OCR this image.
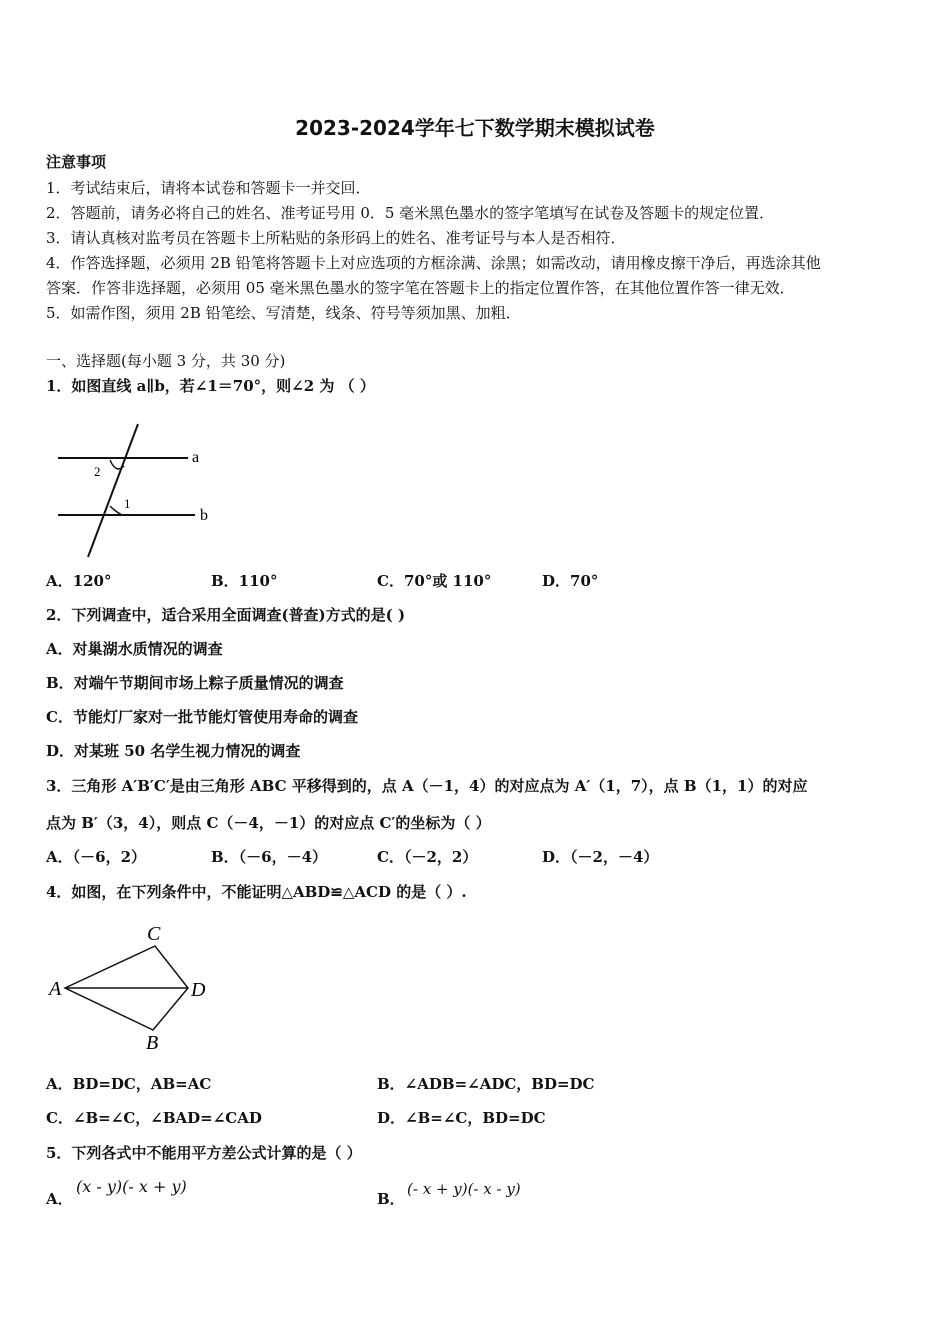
2023-2024学年七下数学期末模拟试卷
注意事项
1．考试结束后，请将本试卷和答题卡一并交回．
2．答题前，请务必将自己的姓名、准考证号用 0．5 毫米黑色墨水的签字笔填写在试卷及答题卡的规定位置．
3．请认真核对监考员在答题卡上所粘贴的条形码上的姓名、准考证号与本人是否相符．
4．作答选择题，必须用 2B 铅笔将答题卡上对应选项的方框涂满、涂黑；如需改动，请用橡皮擦干净后，再选涂其他
答案．作答非选择题，必须用 05 毫米黑色墨水的签字笔在答题卡上的指定位置作答，在其他位置作答一律无效．
5．如需作图，须用 2B 铅笔绘、写清楚，线条、符号等须加黑、加粗．
一、选择题(每小题 3 分，共 30 分)
1．如图直线 a∥b，若∠1＝70°，则∠2 为 （ ）
a
b
2
1
A．120°	B．110°	C．70°或 110°	D．70°
2．下列调查中，适合采用全面调查(普查)方式的是( )
A．对巢湖水质情况的调查
B．对端午节期间市场上粽子质量情况的调查
C．节能灯厂家对一批节能灯管使用寿命的调查
D．对某班 50 名学生视力情况的调查
3．三角形 A′B′C′是由三角形 ABC 平移得到的，点 A（－1，4）的对应点为 A′（1，7），点 B（1，1）的对应
点为 B′（3，4），则点 C（－4，－1）的对应点 C′的坐标为（ ）
A．（－6，2）	B．（－6，－4）	C．（－2，2）	D．（－2，－4）
4．如图，在下列条件中，不能证明△ABD≌△ACD 的是（ ）.
C
A	D
B
A．BD=DC，AB=AC	B．∠ADB=∠ADC，BD=DC
C．∠B=∠C，∠BAD=∠CAD	D．∠B=∠C，BD=DC
5．下列各式中不能用平方差公式计算的是（ ）
A．
(x - y)(- x + y)
B．
(- x + y)(- x - y)
